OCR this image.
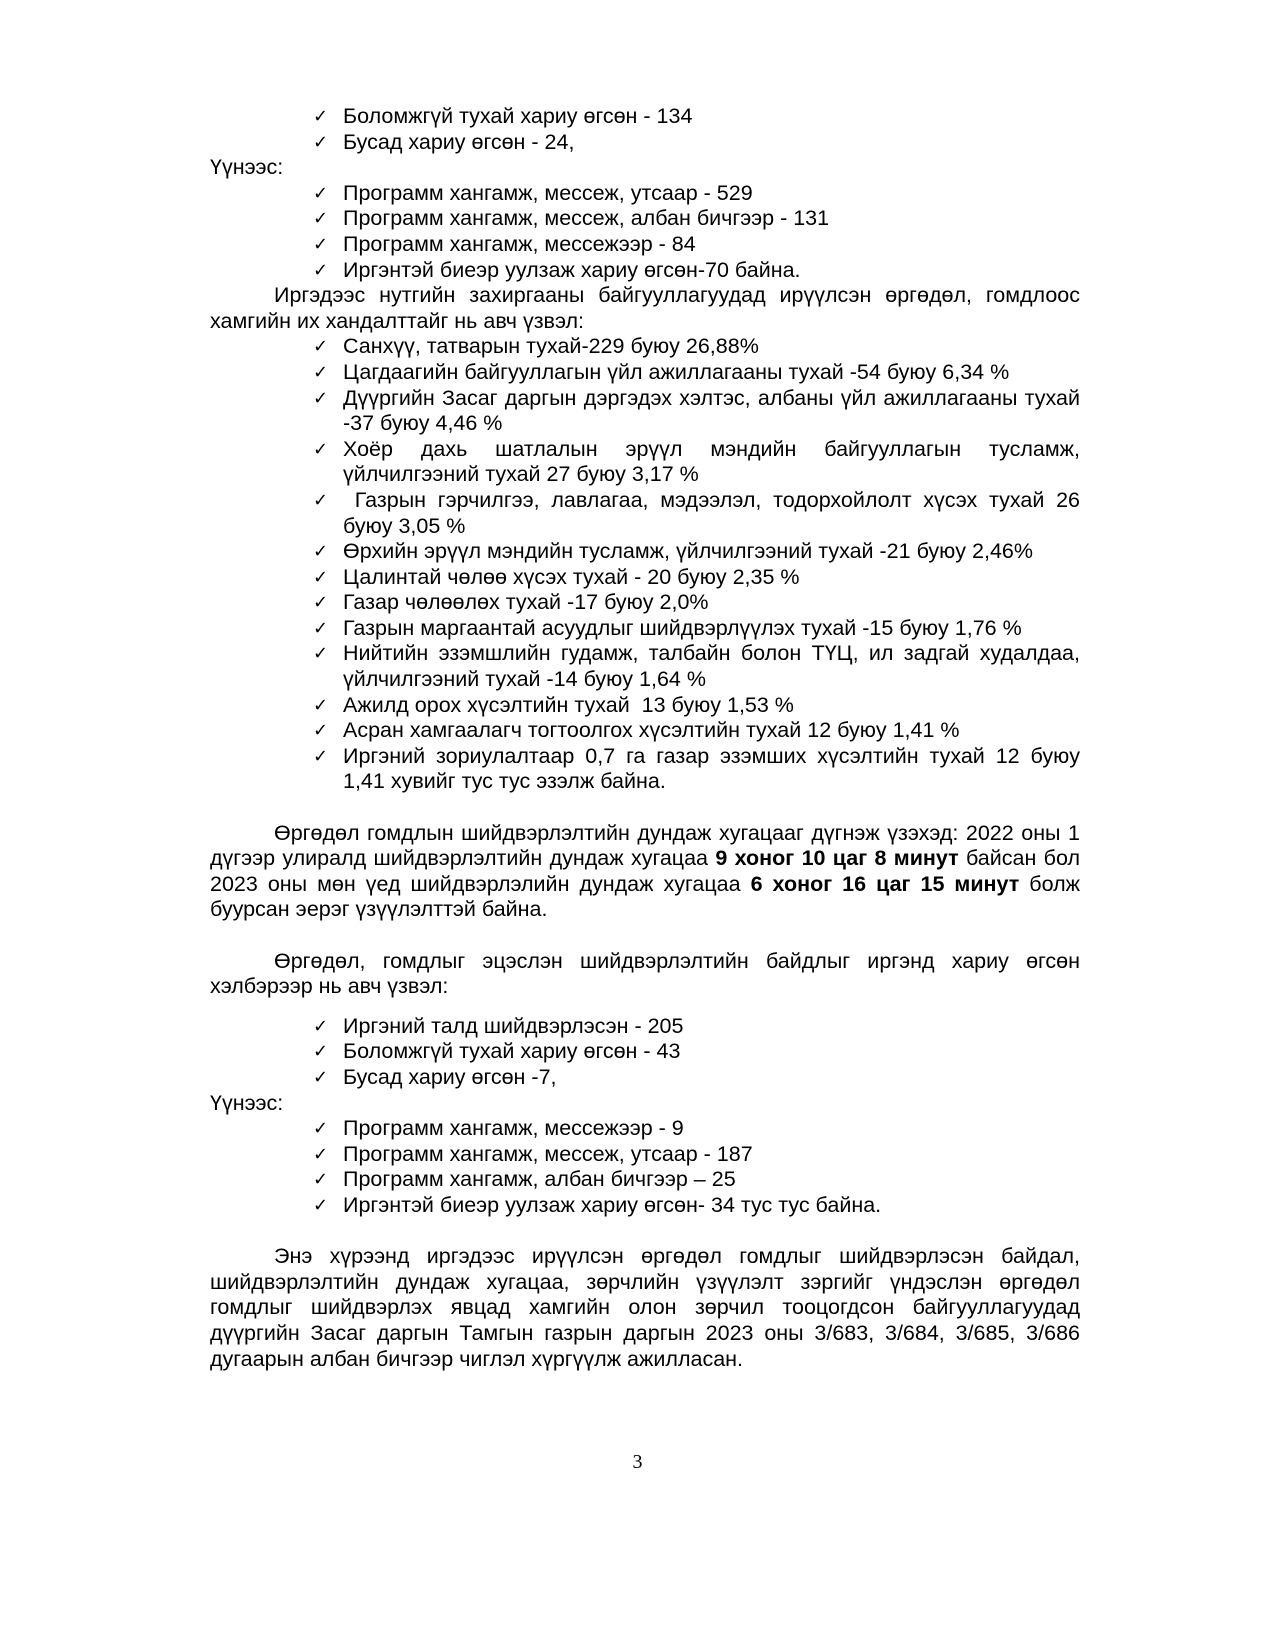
✓ Боломжгүй тухай хариу өгсөн - 134
✓ Бусад хариу өгсөн - 24,
Үүнээс:
✓ Программ хангамж, мессеж, утсаар - 529
✓ Программ хангамж, мессеж, албан бичгээр - 131
✓ Программ хангамж, мессежээр - 84
✓ Иргэнтэй биеэр уулзаж хариу өгсөн-70 байна.
Иргэдээс нутгийн захиргааны байгууллагуудад ирүүлсэн өргөдөл, гомдлоос хамгийн их хандалттайг нь авч үзвэл:
✓ Санхүү, татварын тухай-229 буюу 26,88%
✓ Цагдаагийн байгууллагын үйл ажиллагааны тухай -54 буюу 6,34 %
✓ Дүүргийн Засаг даргын дэргэдэх хэлтэс, албаны үйл ажиллагааны тухай -37 буюу 4,46 %
✓ Хоёр дахь шатлалын эрүүл мэндийн байгууллагын тусламж, үйлчилгээний тухай 27 буюу 3,17 %
✓ Газрын гэрчилгээ, лавлагаа, мэдээлэл, тодорхойлолт хүсэх тухай 26 буюу 3,05 %
✓ Өрхийн эрүүл мэндийн тусламж, үйлчилгээний тухай -21 буюу 2,46%
✓ Цалинтай чөлөө хүсэх тухай - 20 буюу 2,35 %
✓ Газар чөлөөлөх тухай -17 буюу 2,0%
✓ Газрын маргаантай асуудлыг шийдвэрлүүлэх тухай -15 буюу 1,76 %
✓ Нийтийн эзэмшлийн гудамж, талбайн болон ТҮЦ, ил задгай худалдаа, үйлчилгээний тухай -14 буюу 1,64 %
✓ Ажилд орох хүсэлтийн тухай  13 буюу 1,53 %
✓ Асран хамгаалагч тогтоолгох хүсэлтийн тухай 12 буюу 1,41 %
✓ Иргэний зориулалтаар 0,7 га газар эзэмших хүсэлтийн тухай 12 буюу 1,41 хувийг тус тус эзэлж байна.
Өргөдөл гомдлын шийдвэрлэлтийн дундаж хугацааг дүгнэж үзэхэд: 2022 оны 1 дүгээр улиралд шийдвэрлэлтийн дундаж хугацаа 9 хоног 10 цаг 8 минут байсан бол 2023 оны мөн үед шийдвэрлэлийн дундаж хугацаа 6 хоног 16 цаг 15 минут болж буурсан эерэг үзүүлэлттэй байна.
Өргөдөл, гомдлыг эцэслэн шийдвэрлэлтийн байдлыг иргэнд хариу өгсөн хэлбэрээр нь авч үзвэл:
✓ Иргэний талд шийдвэрлэсэн - 205
✓ Боломжгүй тухай хариу өгсөн - 43
✓ Бусад хариу өгсөн -7,
Үүнээс:
✓ Программ хангамж, мессежээр - 9
✓ Программ хангамж, мессеж, утсаар - 187
✓ Программ хангамж, албан бичгээр – 25
✓ Иргэнтэй биеэр уулзаж хариу өгсөн- 34 тус тус байна.
Энэ хүрээнд иргэдээс ирүүлсэн өргөдөл гомдлыг шийдвэрлэсэн байдал, шийдвэрлэлтийн дундаж хугацаа, зөрчлийн үзүүлэлт зэргийг үндэслэн өргөдөл гомдлыг шийдвэрлэх явцад хамгийн олон зөрчил тооцогдсон байгууллагуудад дүүргийн Засаг даргын Тамгын газрын даргын 2023 оны 3/683, 3/684, 3/685, 3/686 дугаарын албан бичгээр чиглэл хүргүүлж ажилласан.
3
